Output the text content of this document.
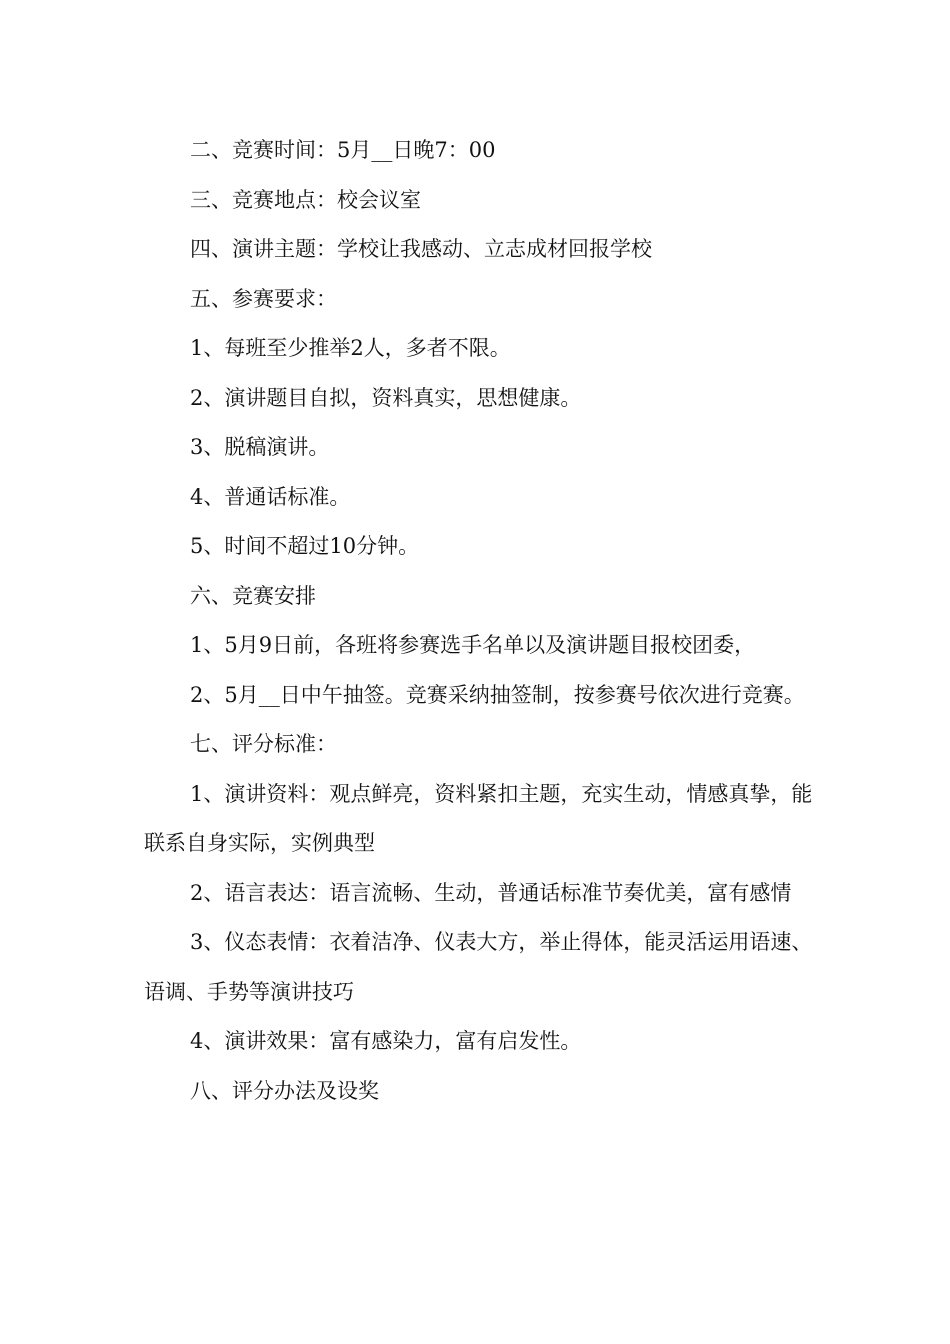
二、竞赛时间：5月__日晚7：00

三、竞赛地点：校会议室

四、演讲主题：学校让我感动、立志成材回报学校

五、参赛要求：

1、每班至少推举2人，多者不限。

2、演讲题目自拟，资料真实，思想健康。

3、脱稿演讲。

4、普通话标准。

5、时间不超过10分钟。

六、竞赛安排

1、5月9日前，各班将参赛选手名单以及演讲题目报校团委，

2、5月__日中午抽签。竞赛采纳抽签制，按参赛号依次进行竞赛。

七、评分标准：

1、演讲资料：观点鲜亮，资料紧扣主题，充实生动，情感真挚，能联系自身实际，实例典型

2、语言表达：语言流畅、生动，普通话标准节奏优美，富有感情

3、仪态表情：衣着洁净、仪表大方，举止得体，能灵活运用语速、语调、手势等演讲技巧

4、演讲效果：富有感染力，富有启发性。

八、评分办法及设奖
